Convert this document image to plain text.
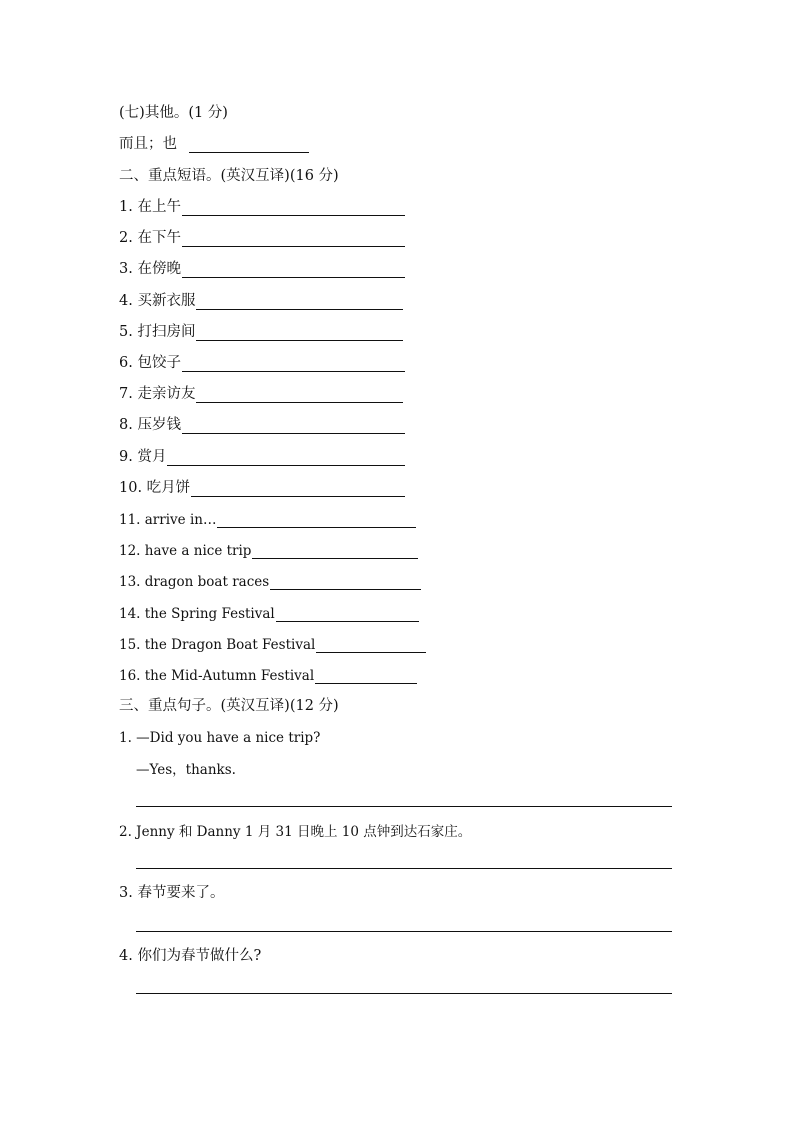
(七)其他。(1 分)
而且；也
二、重点短语。(英汉互译)(16 分)
1. 在上午
2. 在下午
3. 在傍晚
4. 买新衣服
5. 打扫房间
6. 包饺子
7. 走亲访友
8. 压岁钱
9. 赏月
10. 吃月饼
11. arrive in…
12. have a nice trip
13. dragon boat races
14. the Spring Festival
15. the Dragon Boat Festival
16. the Mid-Autumn Festival
三、重点句子。(英汉互译)(12 分)
1. —Did you have a nice trip?
—Yes，thanks.
2. Jenny 和 Danny 1 月 31 日晚上 10 点钟到达石家庄。
3. 春节要来了。
4. 你们为春节做什么?
